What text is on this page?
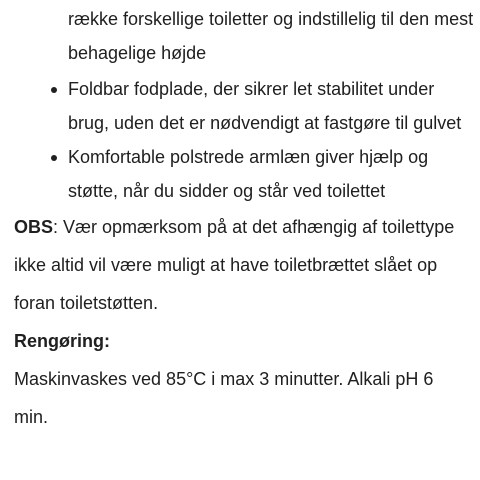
række forskellige toiletter og indstillelig til den mest behagelige højde
Foldbar fodplade, der sikrer let stabilitet under brug, uden det er nødvendigt at fastgøre til gulvet
Komfortable polstrede armlæn giver hjælp og støtte, når du sidder og står ved toilettet

OBS: Vær opmærksom på at det afhængig af toilettype ikke altid vil være muligt at have toiletbrættet slået op foran toiletstøtten.

Rengøring:
Maskinvaskes ved 85°C i max 3 minutter. Alkali pH 6 min.
